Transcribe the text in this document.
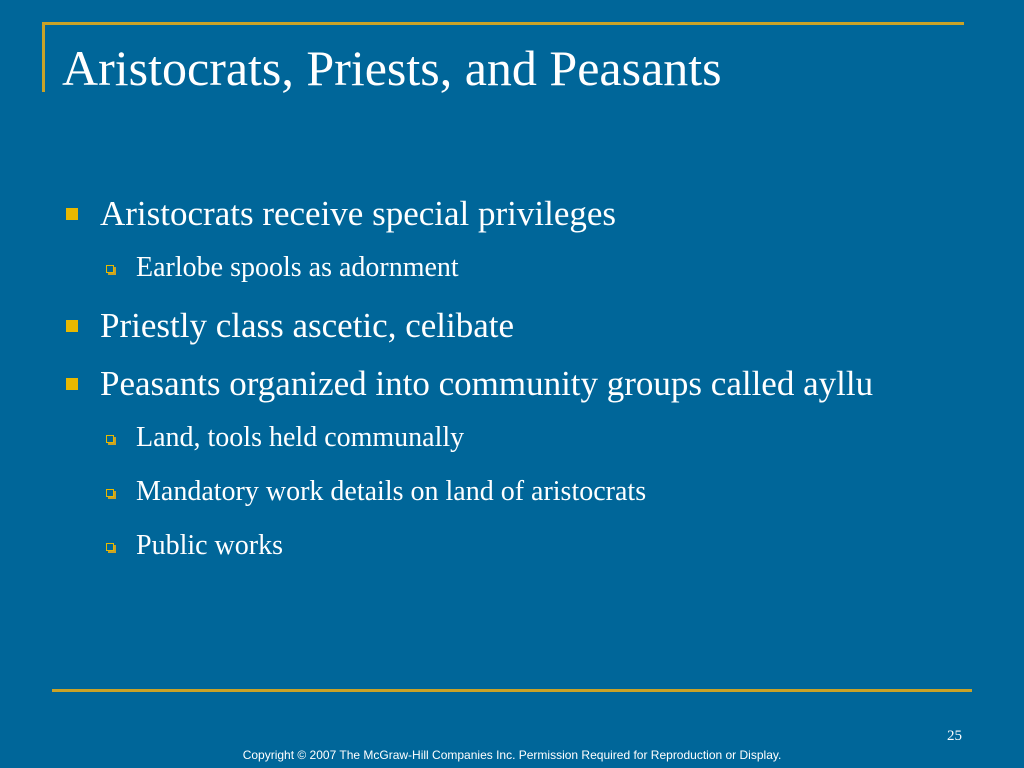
Aristocrats, Priests, and Peasants
Aristocrats receive special privileges
Earlobe spools as adornment
Priestly class ascetic, celibate
Peasants organized into community groups called ayllu
Land, tools held communally
Mandatory work details on land of aristocrats
Public works
25
Copyright © 2007 The McGraw-Hill Companies Inc. Permission Required for Reproduction or Display.
